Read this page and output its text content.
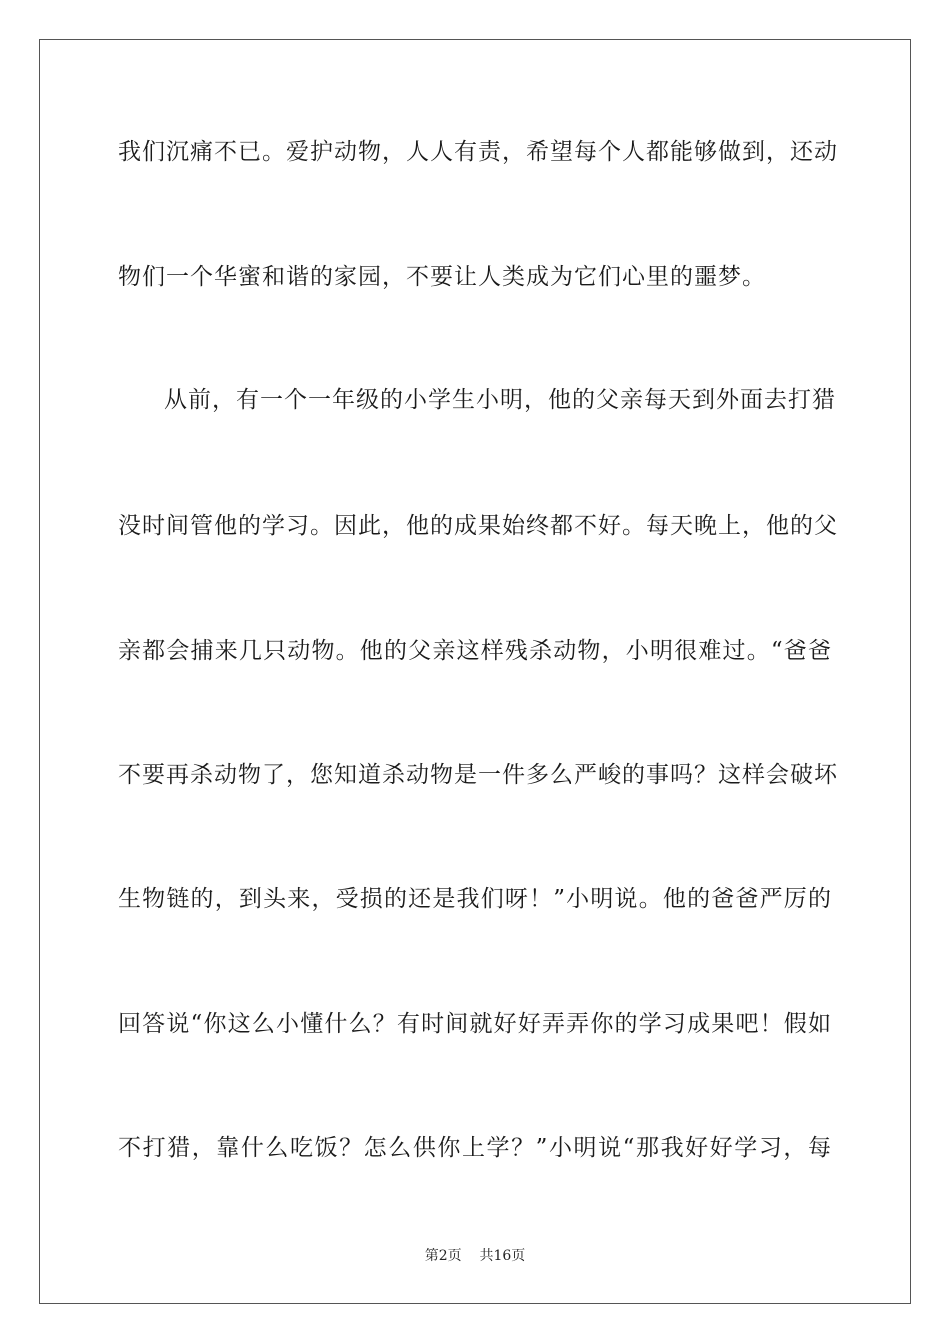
我们沉痛不已。爱护动物，人人有责，希望每个人都能够做到，还动
物们一个华蜜和谐的家园，不要让人类成为它们心里的噩梦。
从前，有一个一年级的小学生小明，他的父亲每天到外面去打猎
没时间管他的学习。因此，他的成果始终都不好。每天晚上，他的父
亲都会捕来几只动物。他的父亲这样残杀动物，小明很难过。“爸爸
不要再杀动物了，您知道杀动物是一件多么严峻的事吗？这样会破坏
生物链的，到头来，受损的还是我们呀！”小明说。他的爸爸严厉的
回答说“你这么小懂什么？有时间就好好弄弄你的学习成果吧！假如
不打猎，靠什么吃饭？怎么供你上学？”小明说“那我好好学习，每
第2页 共16页
